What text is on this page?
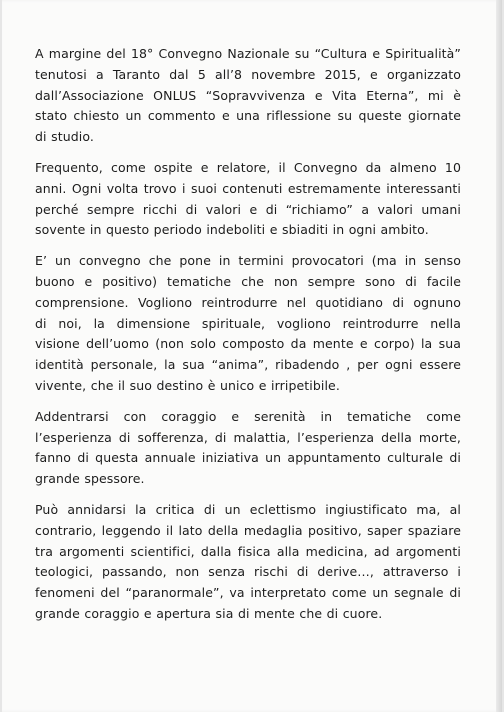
A margine del 18° Convegno Nazionale su “Cultura e Spiritualità”
tenutosi a Taranto dal 5 all’8 novembre 2015, e organizzato
dall’Associazione ONLUS “Sopravvivenza e Vita Eterna”, mi è
stato chiesto un commento e una riflessione su queste giornate
di studio.

Frequento, come ospite e relatore, il Convegno da almeno 10
anni. Ogni volta trovo i suoi contenuti estremamente interessanti
perché sempre ricchi di valori e di “richiamo” a valori umani
sovente in questo periodo indeboliti e sbiaditi in ogni ambito.

E’ un convegno che pone in termini provocatori (ma in senso
buono e positivo) tematiche che non sempre sono di facile
comprensione. Vogliono reintrodurre nel quotidiano di ognuno
di noi, la dimensione spirituale, vogliono reintrodurre nella
visione dell’uomo (non solo composto da mente e corpo) la sua
identità personale, la sua “anima”, ribadendo , per ogni essere
vivente, che il suo destino è unico e irripetibile.

Addentrarsi con coraggio e serenità in tematiche come
l’esperienza di sofferenza, di malattia, l’esperienza della morte,
fanno di questa annuale iniziativa un appuntamento culturale di
grande spessore.

Può annidarsi la critica di un eclettismo ingiustificato ma, al
contrario, leggendo il lato della medaglia positivo, saper spaziare
tra argomenti scientifici, dalla fisica alla medicina, ad argomenti
teologici, passando, non senza rischi di derive…, attraverso i
fenomeni del “paranormale”, va interpretato come un segnale di
grande coraggio e apertura sia di mente che di cuore.
